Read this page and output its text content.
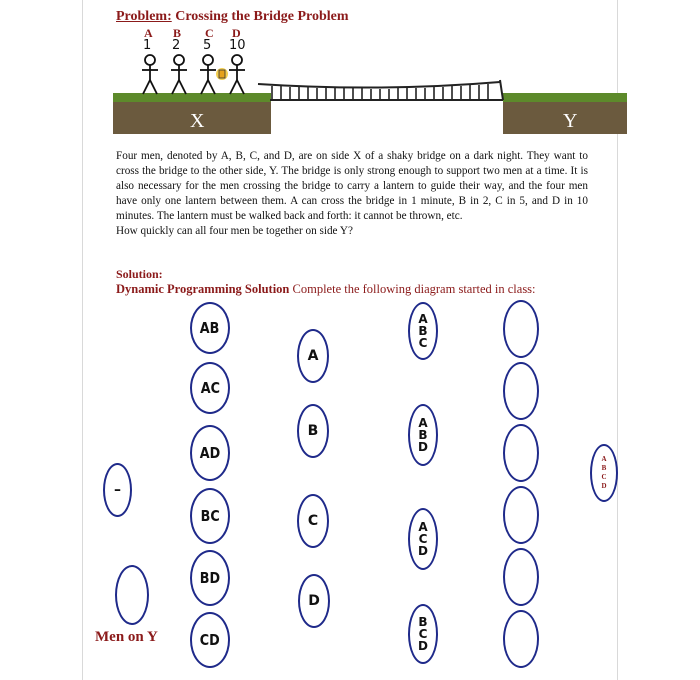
Problem: Crossing the Bridge Problem
A B C D
1 2 5 10
X	Y

Four men, denoted by A, B, C, and D, are on side X of a shaky bridge on a dark night. They want to cross the bridge to the other side, Y. The bridge is only strong enough to support two men at a time. It is also necessary for the men crossing the bridge to carry a lantern to guide their way, and the four men have only one lantern between them. A can cross the bridge in 1 minute, B in 2, C in 5, and D in 10 minutes. The lantern must be walked back and forth: it cannot be thrown, etc.

How quickly can all four men be together on side Y?

Solution:
Dynamic Programming Solution Complete the following diagram started in class:
–
Men on Y
AB
AC
AD
BC
BD
CD
A
B
C
D
A
B
C
A
B
D
A
C
D
B
C
D
A
B
C
D
